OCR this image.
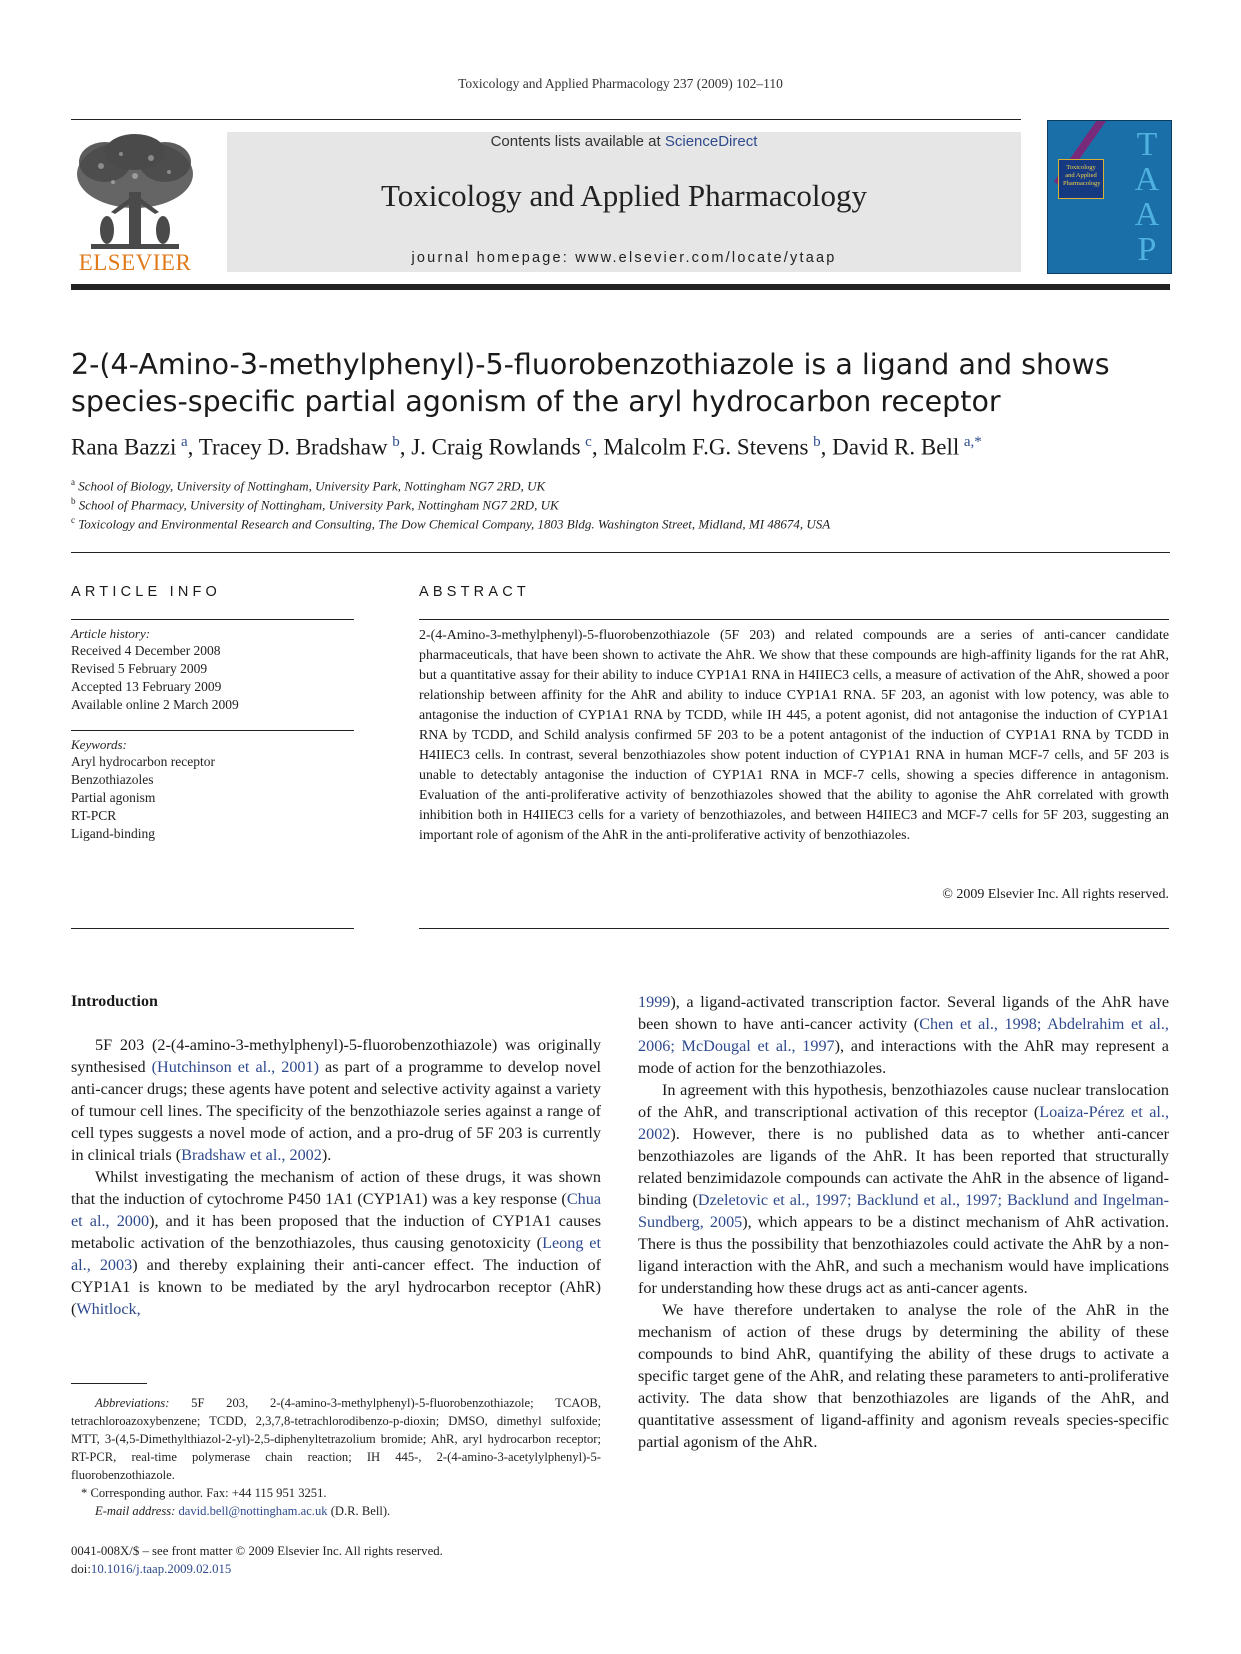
Toxicology and Applied Pharmacology 237 (2009) 102–110
ELSEVIER
Contents lists available at ScienceDirect
Toxicology and Applied Pharmacology
journal homepage: www.elsevier.com/locate/ytaap
T
A
A
P
Toxicology and Applied Pharmacology
2-(4-Amino-3-methylphenyl)-5-fluorobenzothiazole is a ligand and shows
species-specific partial agonism of the aryl hydrocarbon receptor
Rana Bazzi  $^a$, Tracey D. Bradshaw  $^b$, J. Craig Rowlands  $^c$, Malcolm F.G. Stevens  $^b$, David R. Bell  $^{a,*}$
$^a$ School of Biology, University of Nottingham, University Park, Nottingham NG7 2RD, UK
$^b$ School of Pharmacy, University of Nottingham, University Park, Nottingham NG7 2RD, UK
$^c$ Toxicology and Environmental Research and Consulting, The Dow Chemical Company, 1803 Bldg. Washington Street, Midland, MI 48674, USA
ARTICLE INFO
Article history:
Received 4 December 2008
Revised 5 February 2009
Accepted 13 February 2009
Available online 2 March 2009
Keywords:
Aryl hydrocarbon receptor
Benzothiazoles
Partial agonism
RT-PCR
Ligand-binding
ABSTRACT
2-(4-Amino-3-methylphenyl)-5-fluorobenzothiazole (5F 203) and related compounds are a series of anti-cancer candidate pharmaceuticals, that have been shown to activate the AhR. We show that these compounds are high-affinity ligands for the rat AhR, but a quantitative assay for their ability to induce CYP1A1 RNA in H4IIEC3 cells, a measure of activation of the AhR, showed a poor relationship between affinity for the AhR and ability to induce CYP1A1 RNA. 5F 203, an agonist with low potency, was able to antagonise the induction of CYP1A1 RNA by TCDD, while IH 445, a potent agonist, did not antagonise the induction of CYP1A1 RNA by TCDD, and Schild analysis confirmed 5F 203 to be a potent antagonist of the induction of CYP1A1 RNA by TCDD in H4IIEC3 cells. In contrast, several benzothiazoles show potent induction of CYP1A1 RNA in human MCF-7 cells, and 5F 203 is unable to detectably antagonise the induction of CYP1A1 RNA in MCF-7 cells, showing a species difference in antagonism. Evaluation of the anti-proliferative activity of benzothiazoles showed that the ability to agonise the AhR correlated with growth inhibition both in H4IIEC3 cells for a variety of benzothiazoles, and between H4IIEC3 and MCF-7 cells for 5F 203, suggesting an important role of agonism of the AhR in the anti-proliferative activity of benzothiazoles.
© 2009 Elsevier Inc. All rights reserved.
Introduction

5F 203 (2-(4-amino-3-methylphenyl)-5-fluorobenzothiazole) was originally synthesised (Hutchinson et al., 2001) as part of a programme to develop novel anti-cancer drugs; these agents have potent and selective activity against a variety of tumour cell lines. The specificity of the benzothiazole series against a range of cell types suggests a novel mode of action, and a pro-drug of 5F 203 is currently in clinical trials (Bradshaw et al., 2002).

Whilst investigating the mechanism of action of these drugs, it was shown that the induction of cytochrome P450 1A1 (CYP1A1) was a key response (Chua et al., 2000), and it has been proposed that the induction of CYP1A1 causes metabolic activation of the benzothiazoles, thus causing genotoxicity (Leong et al., 2003) and thereby explaining their anti-cancer effect. The induction of CYP1A1 is known to be mediated by the aryl hydrocarbon receptor (AhR) (Whitlock,

1999), a ligand-activated transcription factor. Several ligands of the AhR have been shown to have anti-cancer activity (Chen et al., 1998; Abdelrahim et al., 2006; McDougal et al., 1997), and interactions with the AhR may represent a mode of action for the benzothiazoles.

In agreement with this hypothesis, benzothiazoles cause nuclear translocation of the AhR, and transcriptional activation of this receptor (Loaiza-Pérez et al., 2002). However, there is no published data as to whether anti-cancer benzothiazoles are ligands of the AhR. It has been reported that structurally related benzimidazole compounds can activate the AhR in the absence of ligand-binding (Dzeletovic et al., 1997; Backlund et al., 1997; Backlund and Ingelman-Sundberg, 2005), which appears to be a distinct mechanism of AhR activation. There is thus the possibility that benzothiazoles could activate the AhR by a non-ligand interaction with the AhR, and such a mechanism would have implications for understanding how these drugs act as anti-cancer agents.

We have therefore undertaken to analyse the role of the AhR in the mechanism of action of these drugs by determining the ability of these compounds to bind AhR, quantifying the ability of these drugs to activate a specific target gene of the AhR, and relating these parameters to anti-proliferative activity. The data show that benzothiazoles are ligands of the AhR, and quantitative assessment of ligand-affinity and agonism reveals species-specific partial agonism of the AhR.

Abbreviations: 5F 203, 2-(4-amino-3-methylphenyl)-5-fluorobenzothiazole; TCAOB, tetrachloroazoxybenzene; TCDD, 2,3,7,8-tetrachlorodibenzo-p-dioxin; DMSO, dimethyl sulfoxide; MTT, 3-(4,5-Dimethylthiazol-2-yl)-2,5-diphenyltetrazolium bromide; AhR, aryl hydrocarbon receptor; RT-PCR, real-time polymerase chain reaction; IH 445-, 2-(4-amino-3-acetylylphenyl)-5-fluorobenzothiazole.

* Corresponding author. Fax: +44 115 951 3251.

E-mail address: david.bell@nottingham.ac.uk (D.R. Bell).

0041-008X/$ – see front matter © 2009 Elsevier Inc. All rights reserved.
doi:10.1016/j.taap.2009.02.015
